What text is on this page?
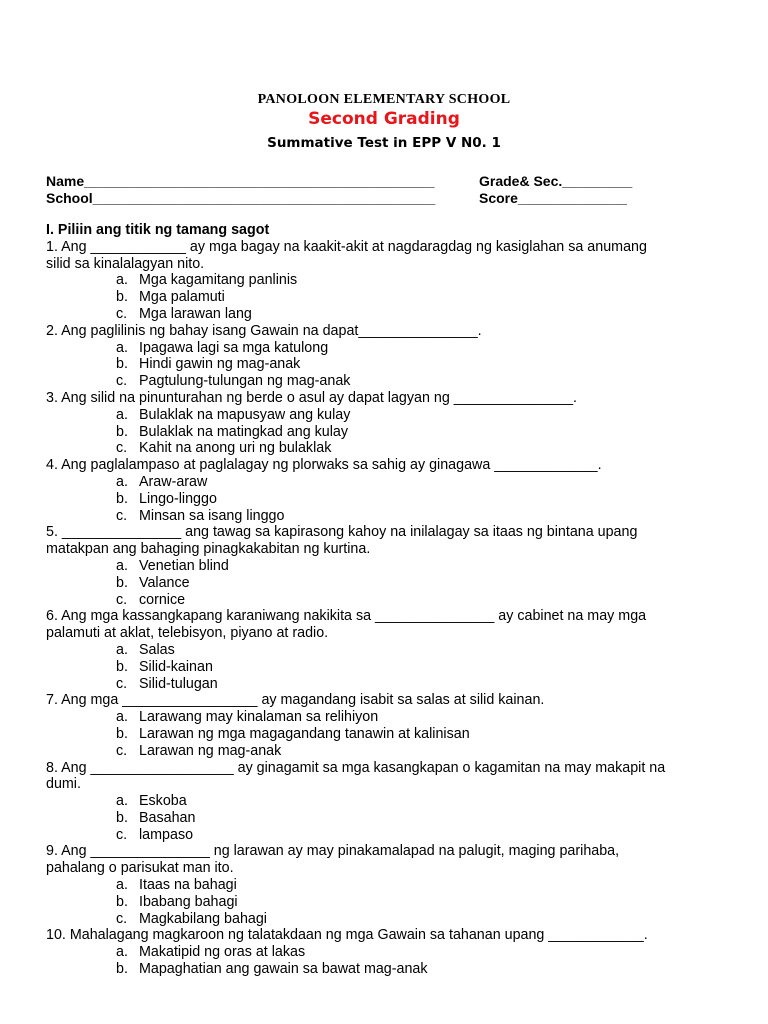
PANOLOON ELEMENTARY SCHOOL
Second Grading
Summative Test in EPP V N0. 1
Name_____________________________________________	Grade& Sec._________
School____________________________________________	Score______________
I. Piliin ang titik ng tamang sagot
1. Ang ____________ ay mga bagay na kaakit-akit at nagdaragdag ng kasiglahan sa anumang
silid sa kinalalagyan nito.
a. Mga kagamitang panlinis
b. Mga palamuti
c. Mga larawan lang
2. Ang paglilinis ng bahay isang Gawain na dapat_______________.
a. Ipagawa lagi sa mga katulong
b. Hindi gawin ng mag-anak
c. Pagtulung-tulungan ng mag-anak
3. Ang silid na pinunturahan ng berde o asul ay dapat lagyan ng _______________.
a. Bulaklak na mapusyaw ang kulay
b. Bulaklak na matingkad ang kulay
c. Kahit na anong uri ng bulaklak
4. Ang paglalampaso at paglalagay ng plorwaks sa sahig ay ginagawa _____________.
a. Araw-araw
b. Lingo-linggo
c. Minsan sa isang linggo
5. _______________ ang tawag sa kapirasong kahoy na inilalagay sa itaas ng bintana upang
matakpan ang bahaging pinagkakabitan ng kurtina.
a. Venetian blind
b. Valance
c. cornice
6. Ang mga kassangkapang karaniwang nakikita sa _______________ ay cabinet na may mga
palamuti at aklat, telebisyon, piyano at radio.
a. Salas
b. Silid-kainan
c. Silid-tulugan
7. Ang mga _________________ ay magandang isabit sa salas at silid kainan.
a. Larawang may kinalaman sa relihiyon
b. Larawan ng mga magagandang tanawin at kalinisan
c. Larawan ng mag-anak
8. Ang __________________ ay ginagamit sa mga kasangkapan o kagamitan na may makapit na
dumi.
a. Eskoba
b. Basahan
c. lampaso
9. Ang _______________ ng larawan ay may pinakamalapad na palugit, maging parihaba,
pahalang o parisukat man ito.
a. Itaas na bahagi
b. Ibabang bahagi
c. Magkabilang bahagi
10. Mahalagang magkaroon ng talatakdaan ng mga Gawain sa tahanan upang ____________.
a. Makatipid ng oras at lakas
b. Mapaghatian ang gawain sa bawat mag-anak
